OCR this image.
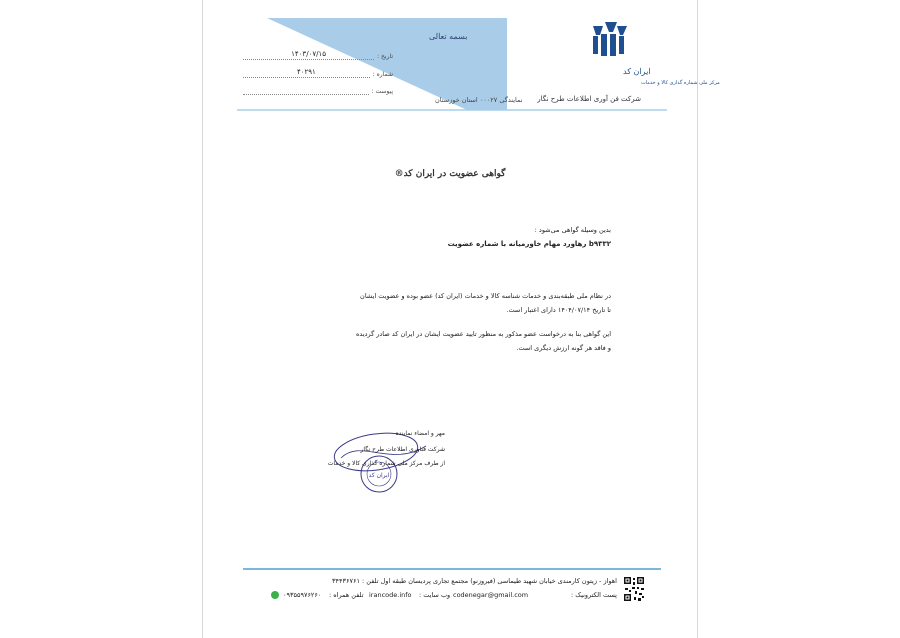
بسمه تعالی
ایران کد
مرکز ملی شماره گذاری کالا و خدمات
شرکت فن آوری اطلاعات طرح نگار
نمایندگی ۰۰۰۲۷ استان خوزستان
تاریخ :
۱۴۰۳/۰۷/۱۵
شماره :
۴۰۲۹۱
پیوست :
گواهی عضویت در ایران کد®
بدین وسیله گواهی می‌شود :
b۹۳۳۲ رهاورد مهام خاورمیانه با شماره عضویت
در نظام ملی طبقه‌بندی و خدمات شناسه کالا و خدمات (ایران کد) عضو بوده و عضویت ایشان
تا تاریخ ۱۴۰۴/۰۷/۱۴ دارای اعتبار است.
این گواهی بنا به درخواست عضو مذکور به منظور تایید عضویت ایشان در ایران کد صادر گردیده
و فاقد هر گونه ارزش دیگری است.
ایران کد
مهر و امضاء نماینده
شرکت فناوری اطلاعات طرح نگار
از طرف مرکز ملی شماره گذاری کالا و خدمات
اهواز - زیتون کارمندی خیابان شهید طیماسی (فیروزنو) مجتمع تجاری پردیسان طبقه اول تلفن : ۳۴۴۳۶۷۶۱
پست الکترونیک :
codenegar@gmail.com
وب سایت :
irancode.info
تلفن همراه :
۰۹۳۵۵۹۷۶۲۶۰
